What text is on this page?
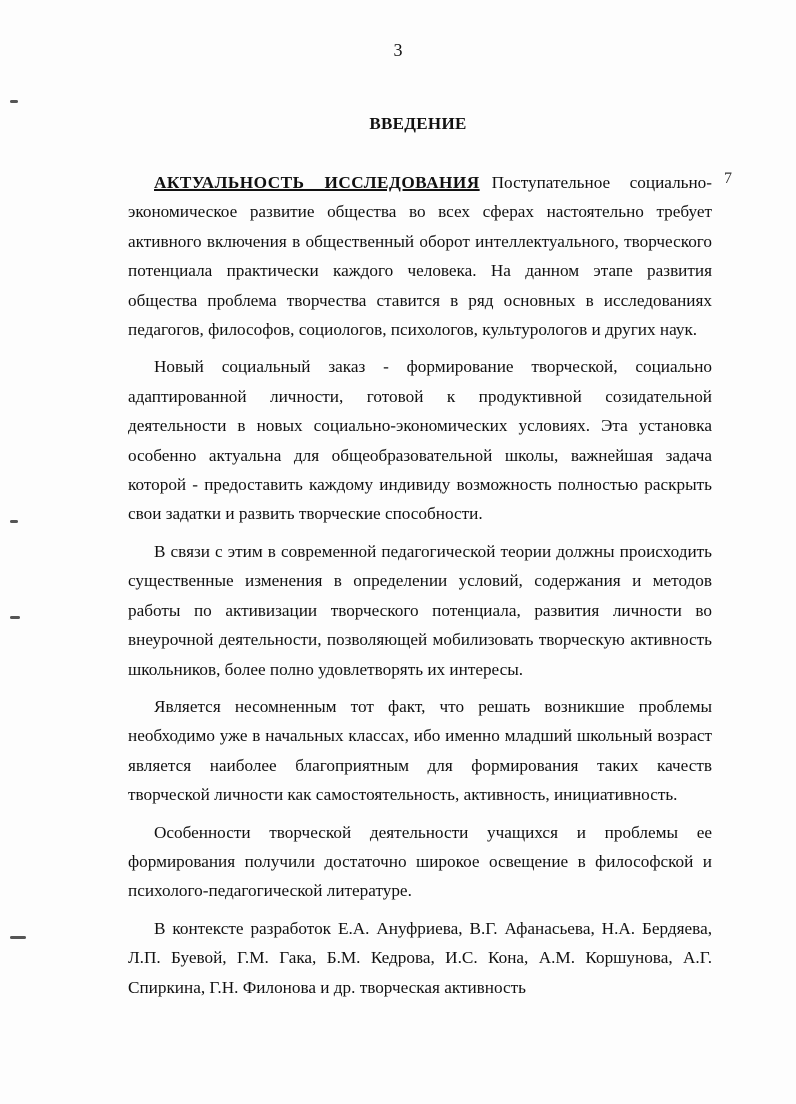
3
7
ВВЕДЕНИЕ

АКТУАЛЬНОСТЬ ИССЛЕДОВАНИЯ Поступательное социально-экономическое развитие общества во всех сферах настоятельно требует активного включения в общественный оборот интеллектуального, творческого потенциала практически каждого человека. На данном этапе развития общества проблема творчества ставится в ряд основных в исследованиях педагогов, философов, социологов, психологов, культурологов и других наук.

Новый социальный заказ - формирование творческой, социально адаптированной личности, готовой к продуктивной созидательной деятельности в новых социально-экономических условиях. Эта установка особенно актуальна для общеобразовательной школы, важнейшая задача которой - предоставить каждому индивиду возможность полностью раскрыть свои задатки и развить творческие способности.

В связи с этим в современной педагогической теории должны происходить существенные изменения в определении условий, содержания и методов работы по активизации творческого потенциала, развития личности во внеурочной деятельности, позволяющей мобилизовать творческую активность школьников, более полно удовлетворять их интересы.

Является несомненным тот факт, что решать возникшие проблемы необходимо уже в начальных классах, ибо именно младший школьный возраст является наиболее благоприятным для формирования таких качеств творческой личности как самостоятельность, активность, инициативность.

Особенности творческой деятельности учащихся и проблемы ее формирования получили достаточно широкое освещение в философской и психолого-педагогической литературе.

В контексте разработок Е.А. Ануфриева, В.Г. Афанасьева, Н.А. Бердяева, Л.П. Буевой, Г.М. Гака, Б.М. Кедрова, И.С. Кона, А.М. Коршунова, А.Г. Спиркина, Г.Н. Филонова и др. творческая активность
